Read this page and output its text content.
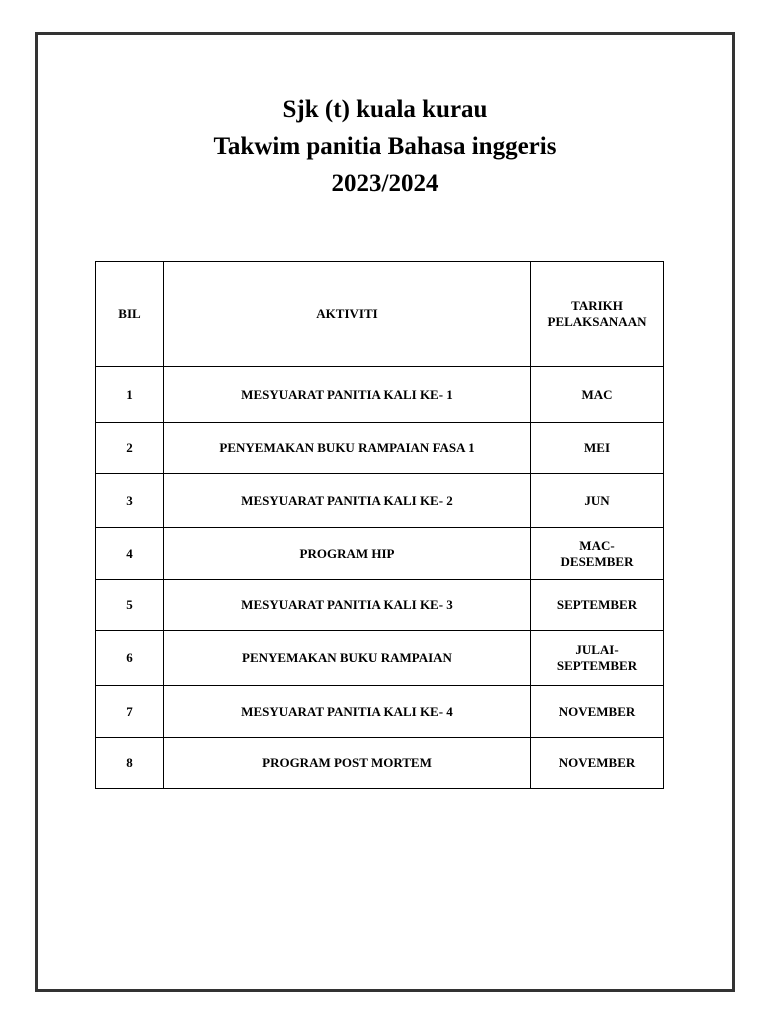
Sjk (t) kuala kurau

Takwim panitia Bahasa inggeris

2023/2024

BIL	AKTIVITI	TARIKH PELAKSANAAN
1	MESYUARAT PANITIA KALI KE- 1	MAC
2	PENYEMAKAN BUKU RAMPAIAN FASA 1	MEI
3	MESYUARAT PANITIA KALI KE- 2	JUN
4	PROGRAM HIP	MAC-DESEMBER
5	MESYUARAT PANITIA KALI KE- 3	SEPTEMBER
6	PENYEMAKAN BUKU RAMPAIAN	JULAI-SEPTEMBER
7	MESYUARAT PANITIA KALI KE- 4	NOVEMBER
8	PROGRAM POST MORTEM	NOVEMBER
